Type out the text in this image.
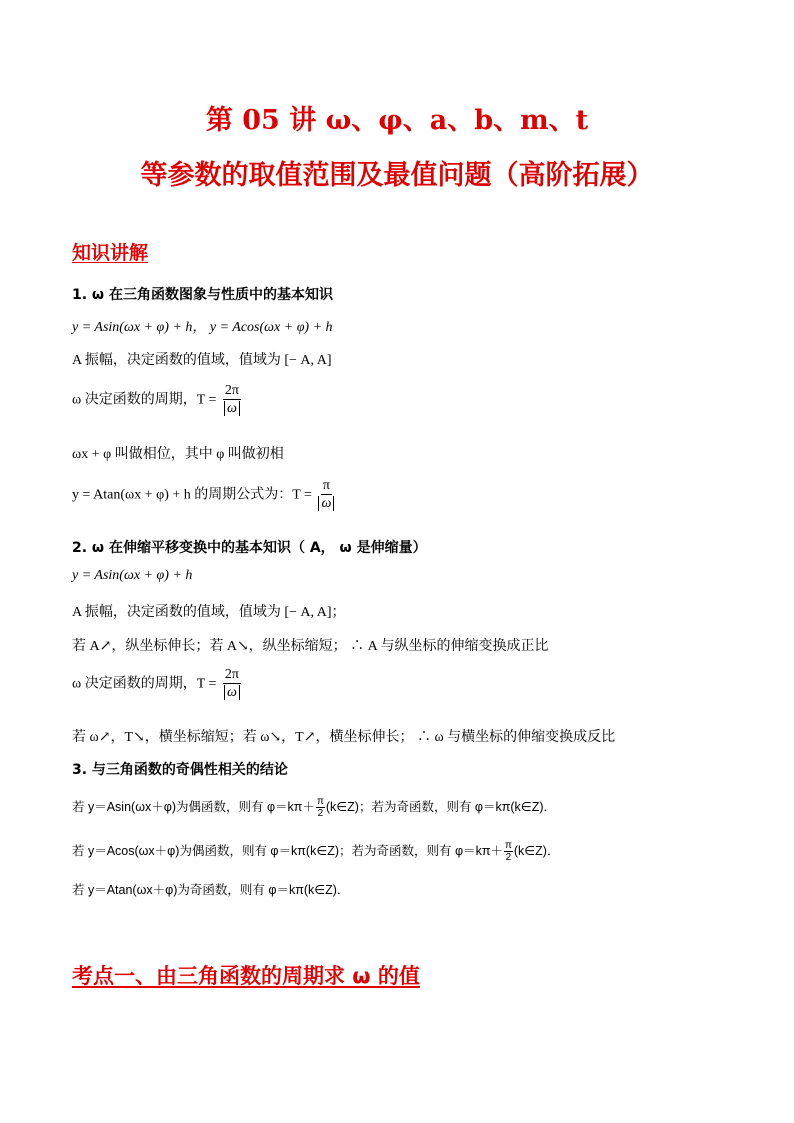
第 05 讲 ω、φ、a、b、m、t
等参数的取值范围及最值问题（高阶拓展）
知识讲解
1. ω 在三角函数图象与性质中的基本知识
y = Asin(ωx + φ) + h， y = Acos(ωx + φ) + h
A 振幅，决定函数的值域，值域为 [− A, A]
ω 决定函数的周期，$T = \frac{2\pi}{\omega}$
ωx + φ 叫做相位，其中 φ 叫做初相
y = Atan(ωx + φ) + h 的周期公式为：$T = \frac{\pi}{\omega}$
2. ω 在伸缩平移变换中的基本知识（ A， ω 是伸缩量）
y = Asin(ωx + φ) + h
A 振幅，决定函数的值域，值域为 [− A, A]；
若 A↗，纵坐标伸长；若 A↘，纵坐标缩短； ∴ A 与纵坐标的伸缩变换成正比
ω 决定函数的周期，$T = \frac{2\pi}{\omega}$
若 ω↗，T↘，横坐标缩短；若 ω↘，T↗，横坐标伸长； ∴ ω 与横坐标的伸缩变换成反比
3. 与三角函数的奇偶性相关的结论
若 y＝Asin(ωx＋φ)为偶函数，则有 $\varphi=k\pi+ \frac{\pi}{2}$ (k∈Z)；若为奇函数，则有 φ＝kπ(k∈Z)．
若 y＝Acos(ωx＋φ)为偶函数，则有 φ＝kπ(k∈Z)；若为奇函数，则有 $\varphi=k\pi+ \frac{\pi}{2}$ (k∈Z)．
若 y＝Atan(ωx＋φ)为奇函数，则有 φ＝kπ(k∈Z)．
考点一、由三角函数的周期求 ω 的值
